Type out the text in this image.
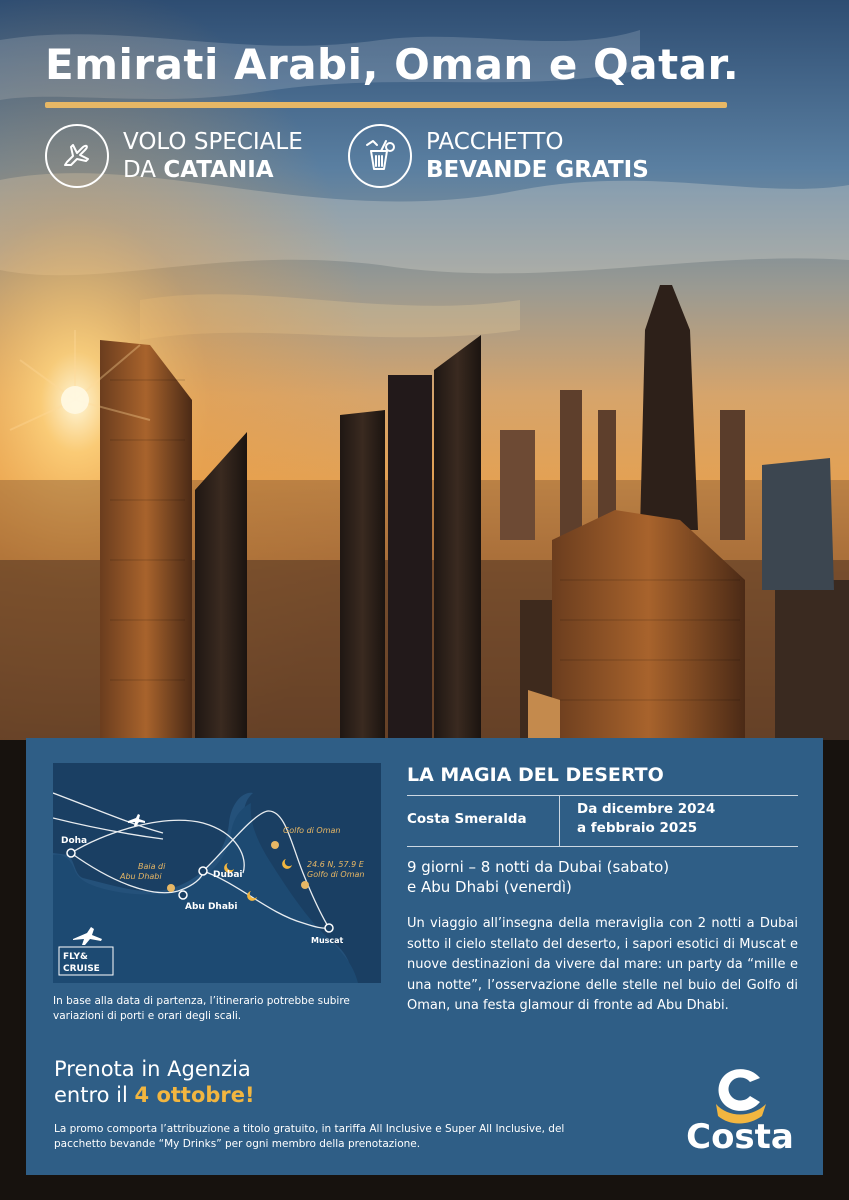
Emirati Arabi, Oman e Qatar.
VOLO SPECIALE
DA CATANIA
PACCHETTO
BEVANDE GRATIS
Doha
Baia di
Abu Dhabi	Dubai
Abu Dhabi
Golfo di Oman
24.6 N, 57.9 E
Golfo di Oman
Muscat
FLY&
CRUISE
In base alla data di partenza, l’itinerario potrebbe subire variazioni di porti e orari degli scali.
LA MAGIA DEL DESERTO
Costa Smeralda
Da dicembre 2024
a febbraio 2025
9 giorni – 8 notti da Dubai (sabato)
e Abu Dhabi (venerdì)
Un viaggio all’insegna della meraviglia con 2 notti a Dubai sotto il cielo stellato del deserto, i sapori esotici di Muscat e nuove destinazioni da vivere dal mare: un party da “mille e una notte”, l’osservazione delle stelle nel buio del Golfo di Oman, una festa glamour di fronte ad Abu Dhabi.
Prenota in Agenzia
entro il 4 ottobre!
La promo comporta l’attribuzione a titolo gratuito, in tariffa All Inclusive e Super All Inclusive, del pacchetto bevande “My Drinks” per ogni membro della prenotazione.	Costa
